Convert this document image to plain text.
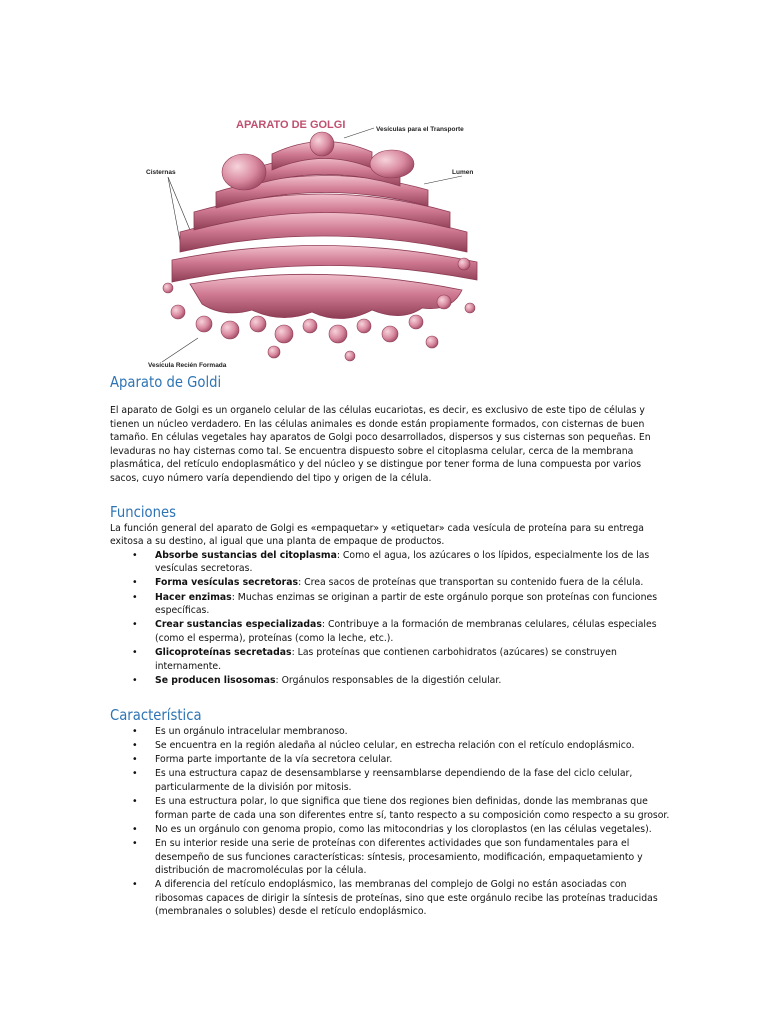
APARATO DE GOLGI	Vesículas para el Transporte
Cisternas	Lumen
Vesícula Recién Formada
Aparato de Goldi

El aparato de Golgi es un organelo celular de las células eucariotas, es decir, es exclusivo de este tipo de células y tienen un núcleo verdadero. En las células animales es donde están propiamente formados, con cisternas de buen tamaño. En células vegetales hay aparatos de Golgi poco desarrollados, dispersos y sus cisternas son pequeñas. En levaduras no hay cisternas como tal. Se encuentra dispuesto sobre el citoplasma celular, cerca de la membrana plasmática, del retículo endoplasmático y del núcleo y se distingue por tener forma de luna compuesta por varios sacos, cuyo número varía dependiendo del tipo y origen de la célula.

Funciones

La función general del aparato de Golgi es «empaquetar» y «etiquetar» cada vesícula de proteína para su entrega exitosa a su destino, al igual que una planta de empaque de productos.

• Absorbe sustancias del citoplasma: Como el agua, los azúcares o los lípidos, especialmente los de las vesículas secretoras.
• Forma vesículas secretoras: Crea sacos de proteínas que transportan su contenido fuera de la célula.
• Hacer enzimas: Muchas enzimas se originan a partir de este orgánulo porque son proteínas con funciones específicas.
• Crear sustancias especializadas: Contribuye a la formación de membranas celulares, células especiales (como el esperma), proteínas (como la leche, etc.).
• Glicoproteínas secretadas: Las proteínas que contienen carbohidratos (azúcares) se construyen internamente.
• Se producen lisosomas: Orgánulos responsables de la digestión celular.
Característica
• Es un orgánulo intracelular membranoso.
• Se encuentra en la región aledaña al núcleo celular, en estrecha relación con el retículo endoplásmico.
• Forma parte importante de la vía secretora celular.
• Es una estructura capaz de desensamblarse y reensamblarse dependiendo de la fase del ciclo celular, particularmente de la división por mitosis.
• Es una estructura polar, lo que significa que tiene dos regiones bien definidas, donde las membranas que forman parte de cada una son diferentes entre sí, tanto respecto a su composición como respecto a su grosor.
• No es un orgánulo con genoma propio, como las mitocondrias y los cloroplastos (en las células vegetales).
• En su interior reside una serie de proteínas con diferentes actividades que son fundamentales para el desempeño de sus funciones características: síntesis, procesamiento, modificación, empaquetamiento y distribución de macromoléculas por la célula.
• A diferencia del retículo endoplásmico, las membranas del complejo de Golgi no están asociadas con ribosomas capaces de dirigir la síntesis de proteínas, sino que este orgánulo recibe las proteínas traducidas (membranales o solubles) desde el retículo endoplásmico.
